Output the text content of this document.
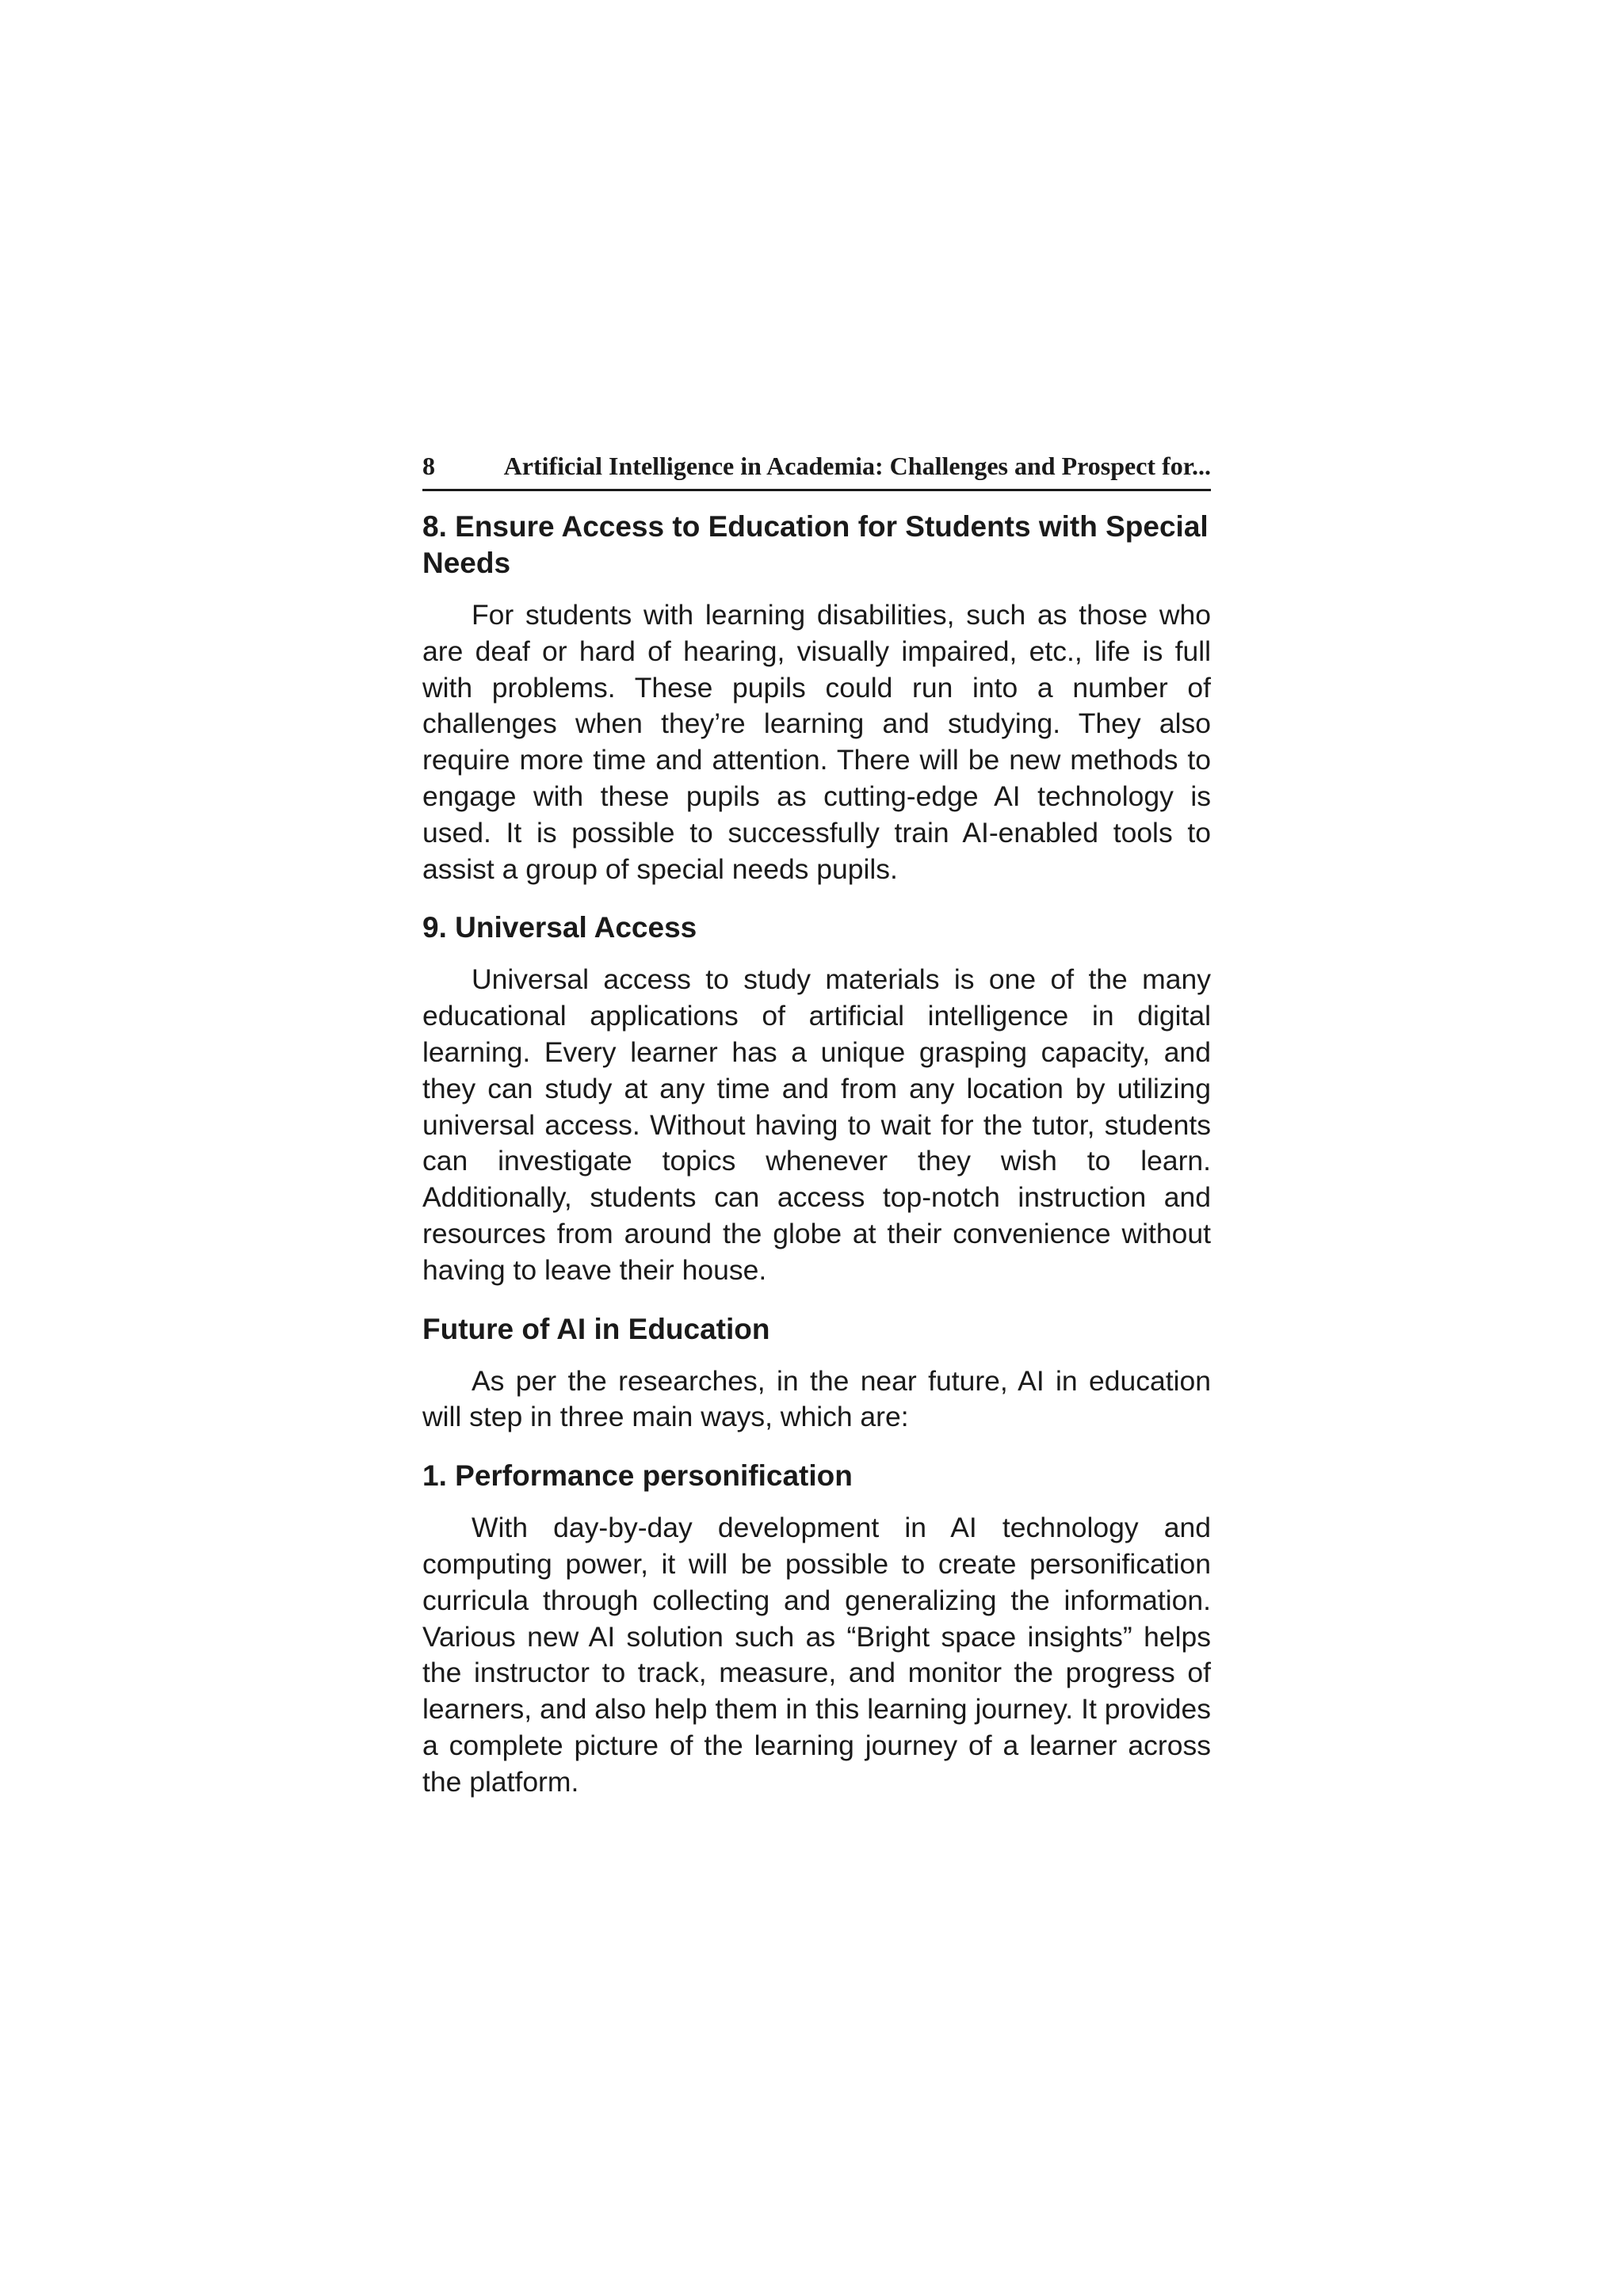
8	Artificial Intelligence in Academia: Challenges and Prospect for...
8. Ensure Access to Education for Students with Special Needs

For students with learning disabilities, such as those who are deaf or hard of hearing, visually impaired, etc., life is full with problems. These pupils could run into a number of challenges when they’re learning and studying. They also require more time and attention. There will be new methods to engage with these pupils as cutting-edge AI technology is used. It is possible to successfully train AI-enabled tools to assist a group of special needs pupils.

9. Universal Access

Universal access to study materials is one of the many educational applications of artificial intelligence in digital learning. Every learner has a unique grasping capacity, and they can study at any time and from any location by utilizing universal access. Without having to wait for the tutor, students can investigate topics whenever they wish to learn. Additionally, students can access top-notch instruction and resources from around the globe at their convenience without having to leave their house.

Future of AI in Education

As per the researches, in the near future, AI in education will step in three main ways, which are:

1. Performance personification

With day-by-day development in AI technology and computing power, it will be possible to create personification curricula through collecting and generalizing the information. Various new AI solution such as “Bright space insights” helps the instructor to track, measure, and monitor the progress of learners, and also help them in this learning journey. It provides a complete picture of the learning journey of a learner across the platform.
